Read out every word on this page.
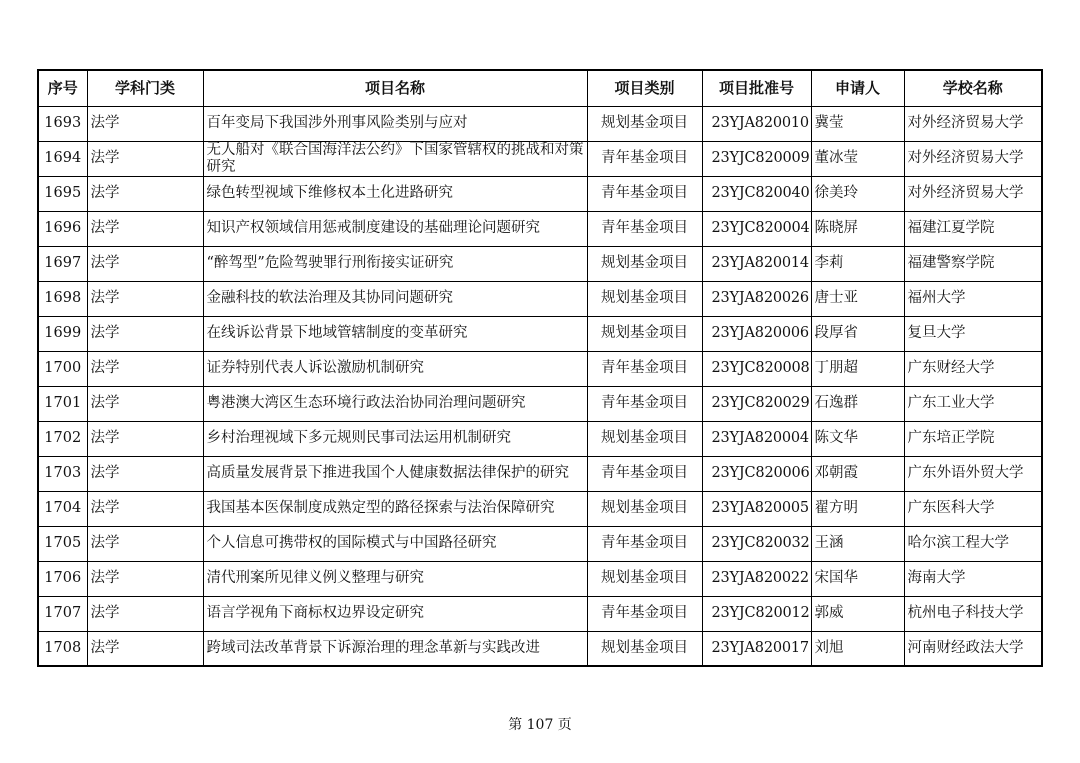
序号	学科门类	项目名称	项目类别	项目批准号	申请人	学校名称
1693	法学	百年变局下我国涉外刑事风险类别与应对	规划基金项目	23YJA820010	冀莹	对外经济贸易大学
1694	法学	无人船对《联合国海洋法公约》下国家管辖权的挑战和对策研究	青年基金项目	23YJC820009	董冰莹	对外经济贸易大学
1695	法学	绿色转型视域下维修权本土化进路研究	青年基金项目	23YJC820040	徐美玲	对外经济贸易大学
1696	法学	知识产权领域信用惩戒制度建设的基础理论问题研究	青年基金项目	23YJC820004	陈晓屏	福建江夏学院
1697	法学	“醉驾型”危险驾驶罪行刑衔接实证研究	规划基金项目	23YJA820014	李莉	福建警察学院
1698	法学	金融科技的软法治理及其协同问题研究	规划基金项目	23YJA820026	唐士亚	福州大学
1699	法学	在线诉讼背景下地域管辖制度的变革研究	规划基金项目	23YJA820006	段厚省	复旦大学
1700	法学	证券特别代表人诉讼激励机制研究	青年基金项目	23YJC820008	丁朋超	广东财经大学
1701	法学	粤港澳大湾区生态环境行政法治协同治理问题研究	青年基金项目	23YJC820029	石逸群	广东工业大学
1702	法学	乡村治理视域下多元规则民事司法运用机制研究	规划基金项目	23YJA820004	陈文华	广东培正学院
1703	法学	高质量发展背景下推进我国个人健康数据法律保护的研究	青年基金项目	23YJC820006	邓朝霞	广东外语外贸大学
1704	法学	我国基本医保制度成熟定型的路径探索与法治保障研究	规划基金项目	23YJA820005	翟方明	广东医科大学
1705	法学	个人信息可携带权的国际模式与中国路径研究	青年基金项目	23YJC820032	王涵	哈尔滨工程大学
1706	法学	清代刑案所见律义例义整理与研究	规划基金项目	23YJA820022	宋国华	海南大学
1707	法学	语言学视角下商标权边界设定研究	青年基金项目	23YJC820012	郭威	杭州电子科技大学
1708	法学	跨域司法改革背景下诉源治理的理念革新与实践改进	规划基金项目	23YJA820017	刘旭	河南财经政法大学
第 107 页
